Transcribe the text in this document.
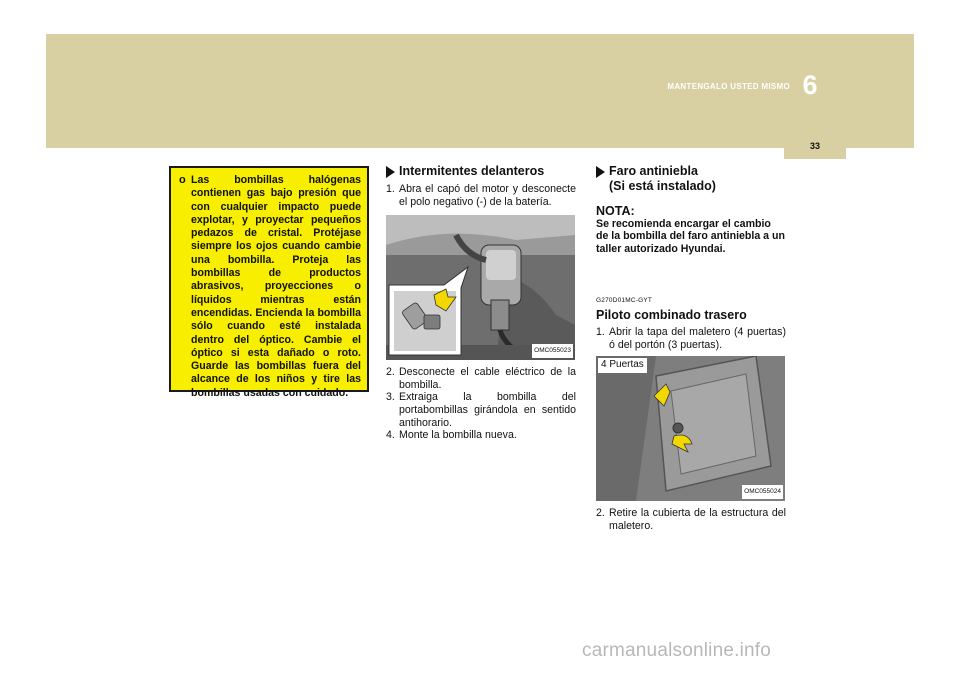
MANTENGALO USTED MISMO 6
33
o Las bombillas halógenas contienen gas bajo presión que con cualquier impacto puede explotar, y proyectar pequeños pedazos de cristal. Protéjase siempre los ojos cuando cambie una bombilla. Proteja las bombillas de productos abrasivos, proyecciones o líquidos mientras están encendidas. Encienda la bombilla sólo cuando esté instalada dentro del óptico. Cambie el óptico si esta dañado o roto. Guarde las bombillas fuera del alcance de los niños y tire las bombillas usadas con cuidado.
Intermitentes delanteros
1. Abra el capó del motor y desconecte el polo negativo (-) de la batería.
OMC055023
2. Desconecte el cable eléctrico de la bombilla.
3. Extraiga la bombilla del portabombillas girándola en sentido antihorario.
4. Monte la bombilla nueva.
Faro antiniebla
(Si está instalado)
NOTA:
Se recomienda encargar el cambio de la bombilla del faro antiniebla a un taller autorizado Hyundai.
G270D01MC-GYT
Piloto combinado trasero
1. Abrir la tapa del maletero (4 puertas) ó del portón (3 puertas).
4 Puertas
OMC055024
2. Retire la cubierta de la estructura del maletero.
carmanualsonline.info
